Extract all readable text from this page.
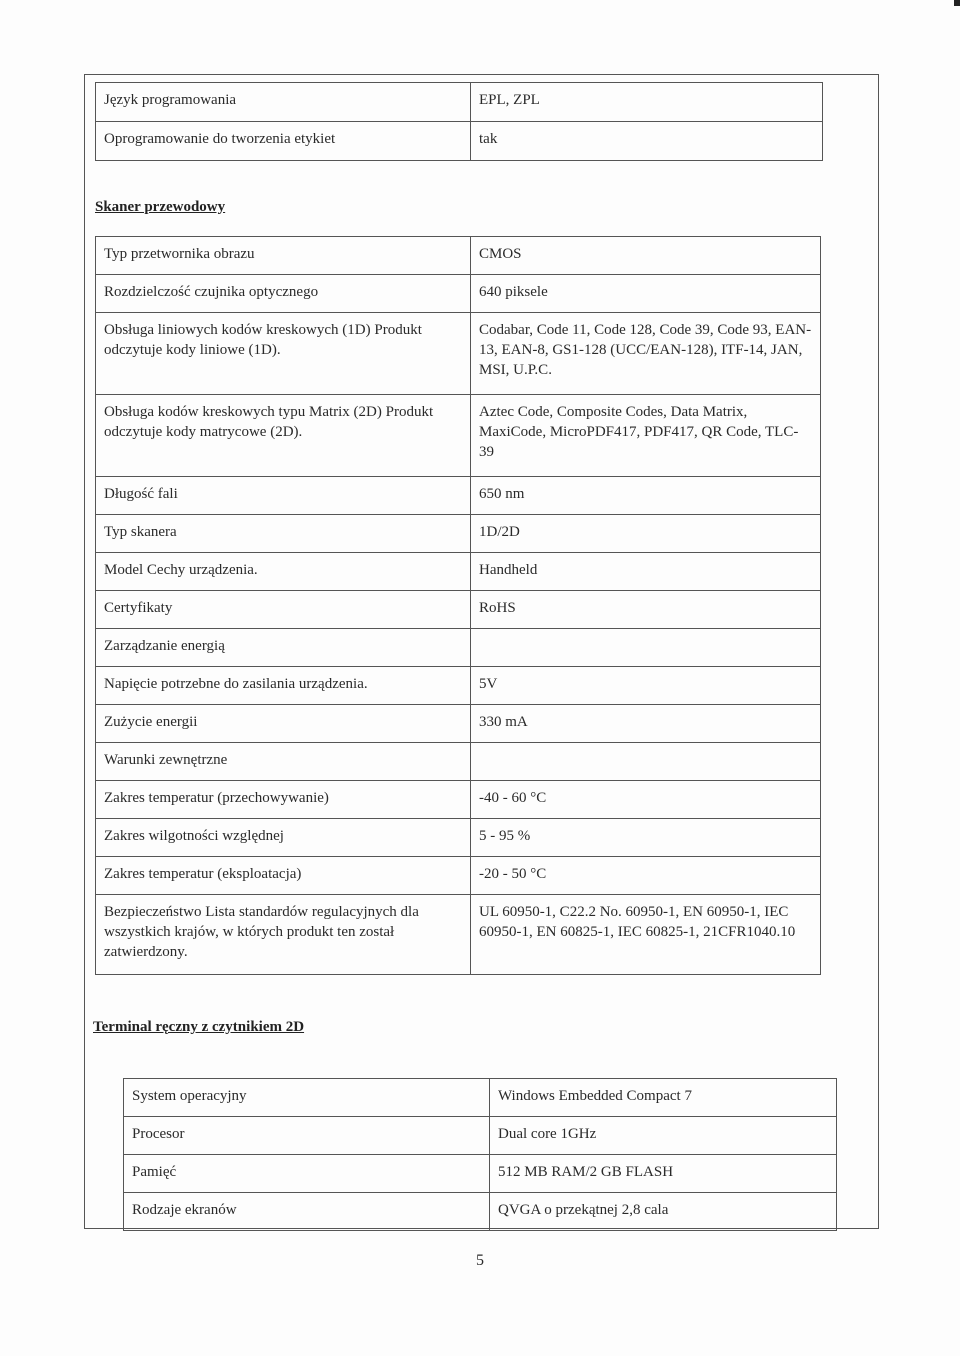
Język programowania	EPL, ZPL
Oprogramowanie do tworzenia etykiet	tak
Skaner przewodowy
Typ przetwornika obrazu	CMOS
Rozdzielczość czujnika optycznego	640 piksele
Obsługa liniowych kodów kreskowych (1D) Produkt odczytuje kody liniowe (1D).	Codabar, Code 11, Code 128, Code 39, Code 93, EAN-13, EAN-8, GS1-128 (UCC/EAN-128), ITF-14, JAN, MSI, U.P.C.
Obsługa kodów kreskowych typu Matrix (2D) Produkt odczytuje kody matrycowe (2D).	Aztec Code, Composite Codes, Data Matrix, MaxiCode, MicroPDF417, PDF417, QR Code, TLC-39
Długość fali	650 nm
Typ skanera	1D/2D
Model Cechy urządzenia.	Handheld
Certyfikaty	RoHS
Zarządzanie energią	
Napięcie potrzebne do zasilania urządzenia.	5V
Zużycie energii	330 mA
Warunki zewnętrzne	
Zakres temperatur (przechowywanie)	-40 - 60 °C
Zakres wilgotności względnej	5 - 95 %
Zakres temperatur (eksploatacja)	-20 - 50 °C
Bezpieczeństwo Lista standardów regulacyjnych dla wszystkich krajów, w których produkt ten został zatwierdzony.	UL 60950-1, C22.2 No. 60950-1, EN 60950-1, IEC 60950-1, EN 60825-1, IEC 60825-1, 21CFR1040.10
Terminal ręczny z czytnikiem 2D
System operacyjny	Windows Embedded Compact 7
Procesor	Dual core 1GHz
Pamięć	512 MB RAM/2 GB FLASH
Rodzaje ekranów	QVGA o przekątnej 2,8 cala
5
